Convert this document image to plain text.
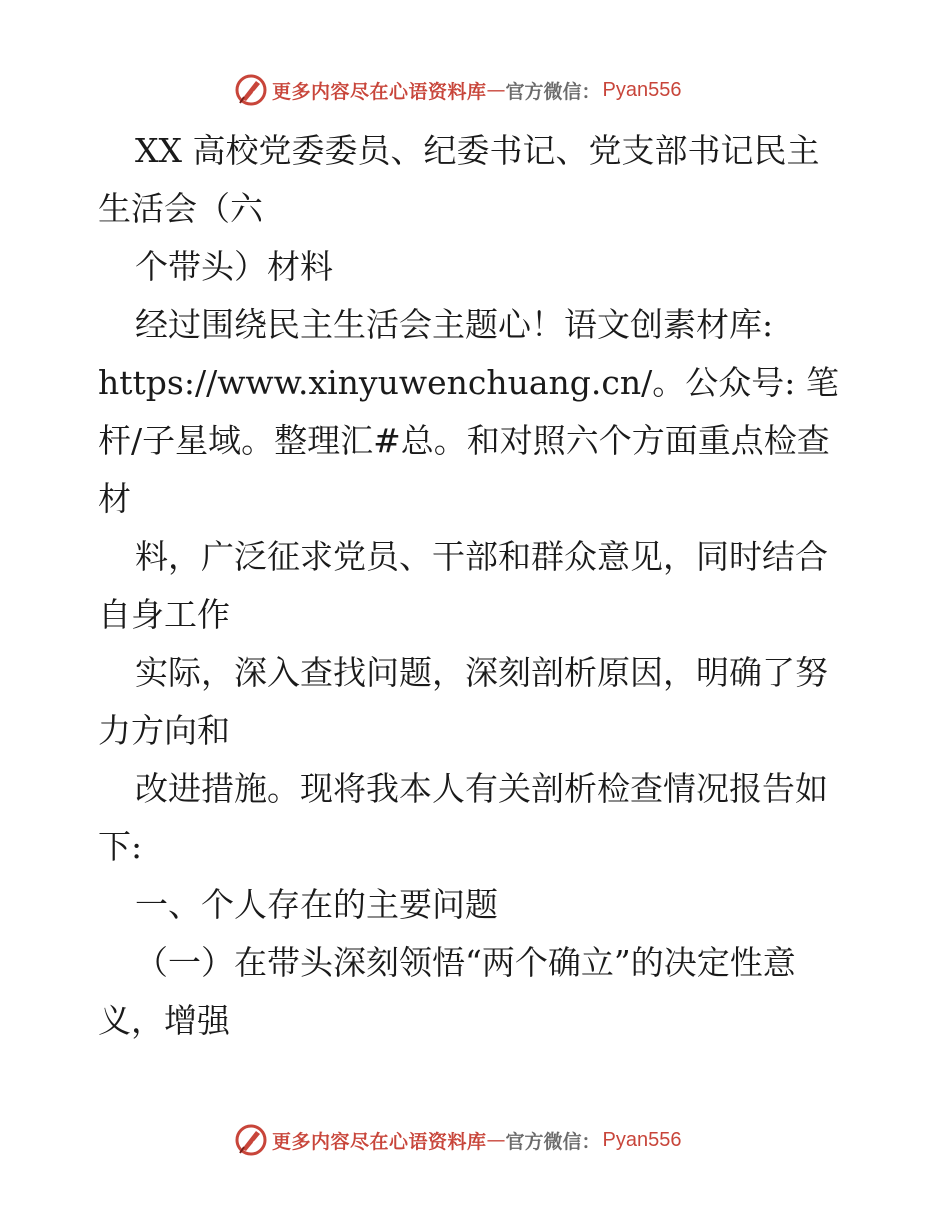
更多内容尽在心语资料库 — 官方微信： Pyan556
XX 高校党委委员、纪委书记、党支部书记民主
生活会（六
个带头）材料
经过围绕民主生活会主题心！语文创素材库:
https://www.xinyuwenchuang.cn/。公众号: 笔
杆/子星域。整理汇#总。和对照六个方面重点检查
材
料，广泛征求党员、干部和群众意见，同时结合
自身工作
实际，深入查找问题，深刻剖析原因，明确了努
力方向和
改进措施。现将我本人有关剖析检查情况报告如
下:
一、个人存在的主要问题
（一）在带头深刻领悟“两个确立”的决定性意
义，增强
更多内容尽在心语资料库 — 官方微信： Pyan556
